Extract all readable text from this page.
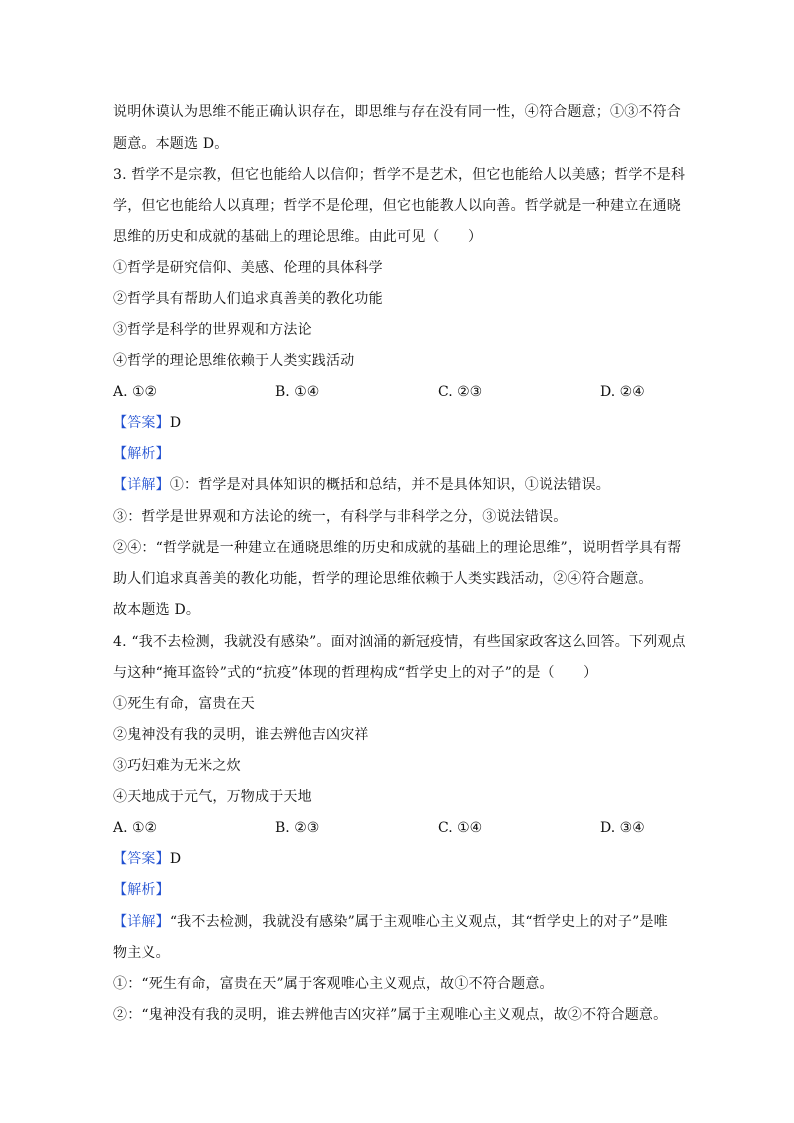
说明休谟认为思维不能正确认识存在，即思维与存在没有同一性，④符合题意；①③不符合
题意。本题选 D。
3. 哲学不是宗教，但它也能给人以信仰；哲学不是艺术，但它也能给人以美感；哲学不是科
学，但它也能给人以真理；哲学不是伦理，但它也能教人以向善。哲学就是一种建立在通晓
思维的历史和成就的基础上的理论思维。由此可见（　　）
①哲学是研究信仰、美感、伦理的具体科学
②哲学具有帮助人们追求真善美的教化功能
③哲学是科学的世界观和方法论
④哲学的理论思维依赖于人类实践活动
A. ①②	B. ①④	C. ②③	D. ②④
【答案】D
【解析】
【详解】①：哲学是对具体知识的概括和总结，并不是具体知识，①说法错误。
③：哲学是世界观和方法论的统一，有科学与非科学之分，③说法错误。
②④：“哲学就是一种建立在通晓思维的历史和成就的基础上的理论思维”，说明哲学具有帮
助人们追求真善美的教化功能，哲学的理论思维依赖于人类实践活动，②④符合题意。
故本题选 D。
4. “我不去检测，我就没有感染”。面对汹涌的新冠疫情，有些国家政客这么回答。下列观点
与这种“掩耳盗铃”式的“抗疫”体现的哲理构成“哲学史上的对子”的是（　　）
①死生有命，富贵在天
②鬼神没有我的灵明，谁去辨他吉凶灾祥
③巧妇难为无米之炊
④天地成于元气，万物成于天地
A. ①②	B. ②③	C. ①④	D. ③④
【答案】D
【解析】
【详解】“我不去检测，我就没有感染”属于主观唯心主义观点，其“哲学史上的对子”是唯
物主义。
①：“死生有命，富贵在天”属于客观唯心主义观点，故①不符合题意。
②：“鬼神没有我的灵明，谁去辨他吉凶灾祥”属于主观唯心主义观点，故②不符合题意。
